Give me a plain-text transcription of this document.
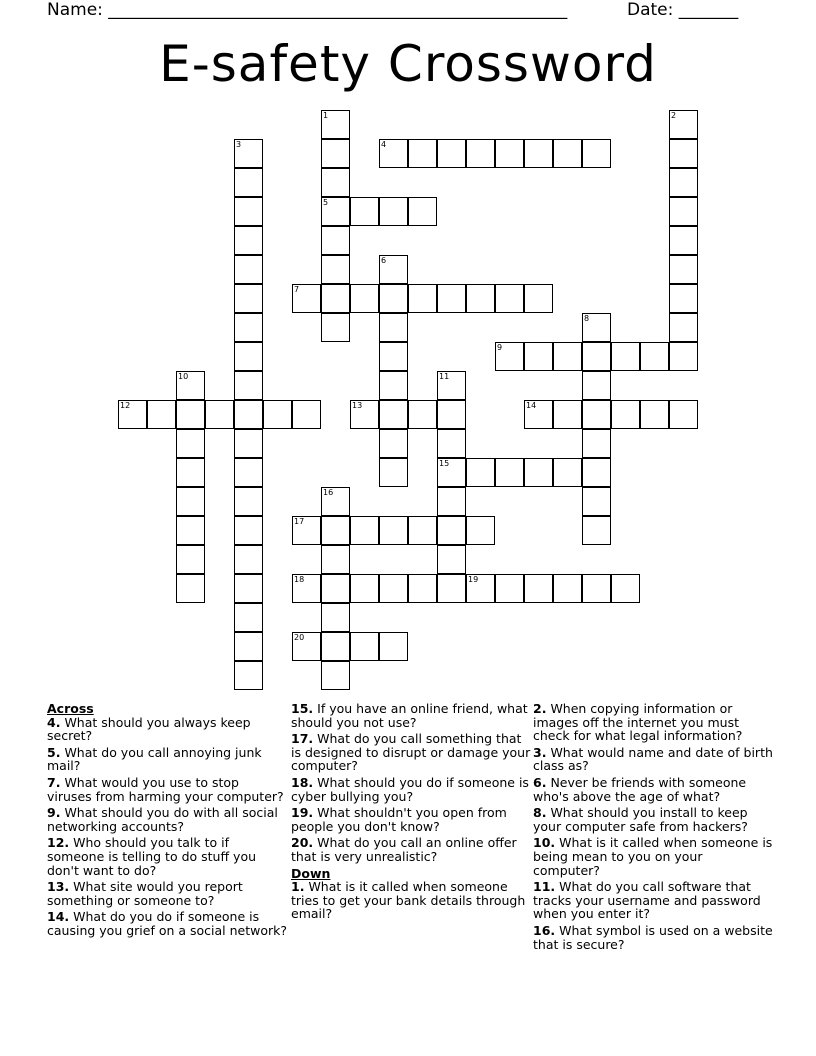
Name: ______________________________________________________	Date: _______
E-safety Crossword
1
5
2
3	4
6
7
8
9
10	11
15
12	13	14
16
17
18	19
20
Across
4. What should you always keep secret?
5. What do you call annoying junk mail?
7. What would you use to stop viruses from harming your computer?
9. What should you do with all social networking accounts?
12. Who should you talk to if someone is telling to do stuff you don't want to do?
13. What site would you report something or someone to?
14. What do you do if someone is causing you grief on a social network?
15. If you have an online friend, what should you not use?
17. What do you call something that is designed to disrupt or damage your computer?
18. What should you do if someone is cyber bullying you?
19. What shouldn't you open from people you don't know?
20. What do you call an online offer that is very unrealistic?
Down
1. What is it called when someone tries to get your bank details through email?
2. When copying information or images off the internet you must check for what legal information?
3. What would name and date of birth class as?
6. Never be friends with someone who's above the age of what?
8. What should you install to keep your computer safe from hackers?
10. What is it called when someone is being mean to you on your computer?
11. What do you call software that tracks your username and password when you enter it?
16. What symbol is used on a website that is secure?
